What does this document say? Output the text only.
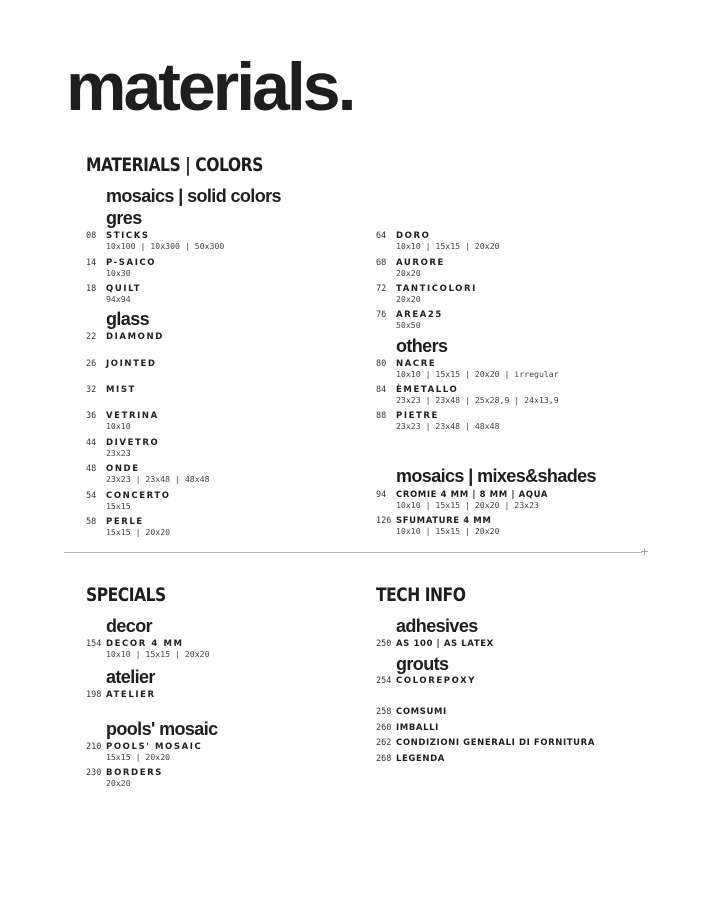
materials.
MATERIALS | COLORS
mosaics | solid colors
gres
08 STICKS
10x100 | 10x300 | 50x300
14 P-SAICO
10x30
18 QUILT
94x94
glass
22 DIAMOND
26 JOINTED
32 MIST
36 VETRINA
10x10
44 DIVETRO
23x23
48 ONDE
23x23 | 23x48 | 48x48
54 CONCERTO
15x15
58 PERLE
15x15 | 20x20
64 DORO
10x10 | 15x15 | 20x20
68 AURORE
20x20
72 TANTICOLORI
20x20
76 AREA25
50x50
others
80 NACRE
10x10 | 15x15 | 20x20 | irregular
84 ÈMETALLO
23x23 | 23x48 | 25x28,9 | 24x13,9
88 PIETRE
23x23 | 23x48 | 48x48
mosaics | mixes&shades
94 CROMIE 4 MM | 8 MM | AQUA
10x10 | 15x15 | 20x20 | 23x23
126 SFUMATURE 4 MM
10x10 | 15x15 | 20x20
+
SPECIALS
decor
154 DECOR 4 MM
10x10 | 15x15 | 20x20
atelier
198 ATELIER
pools' mosaic
210 POOLS' MOSAIC
15x15 | 20x20
230 BORDERS
20x20
TECH INFO
adhesives
250 AS 100 | AS LATEX
grouts
254 COLOREPOXY
258 COMSUMI
260 IMBALLI
262 CONDIZIONI GENERALI DI FORNITURA
268 LEGENDA
